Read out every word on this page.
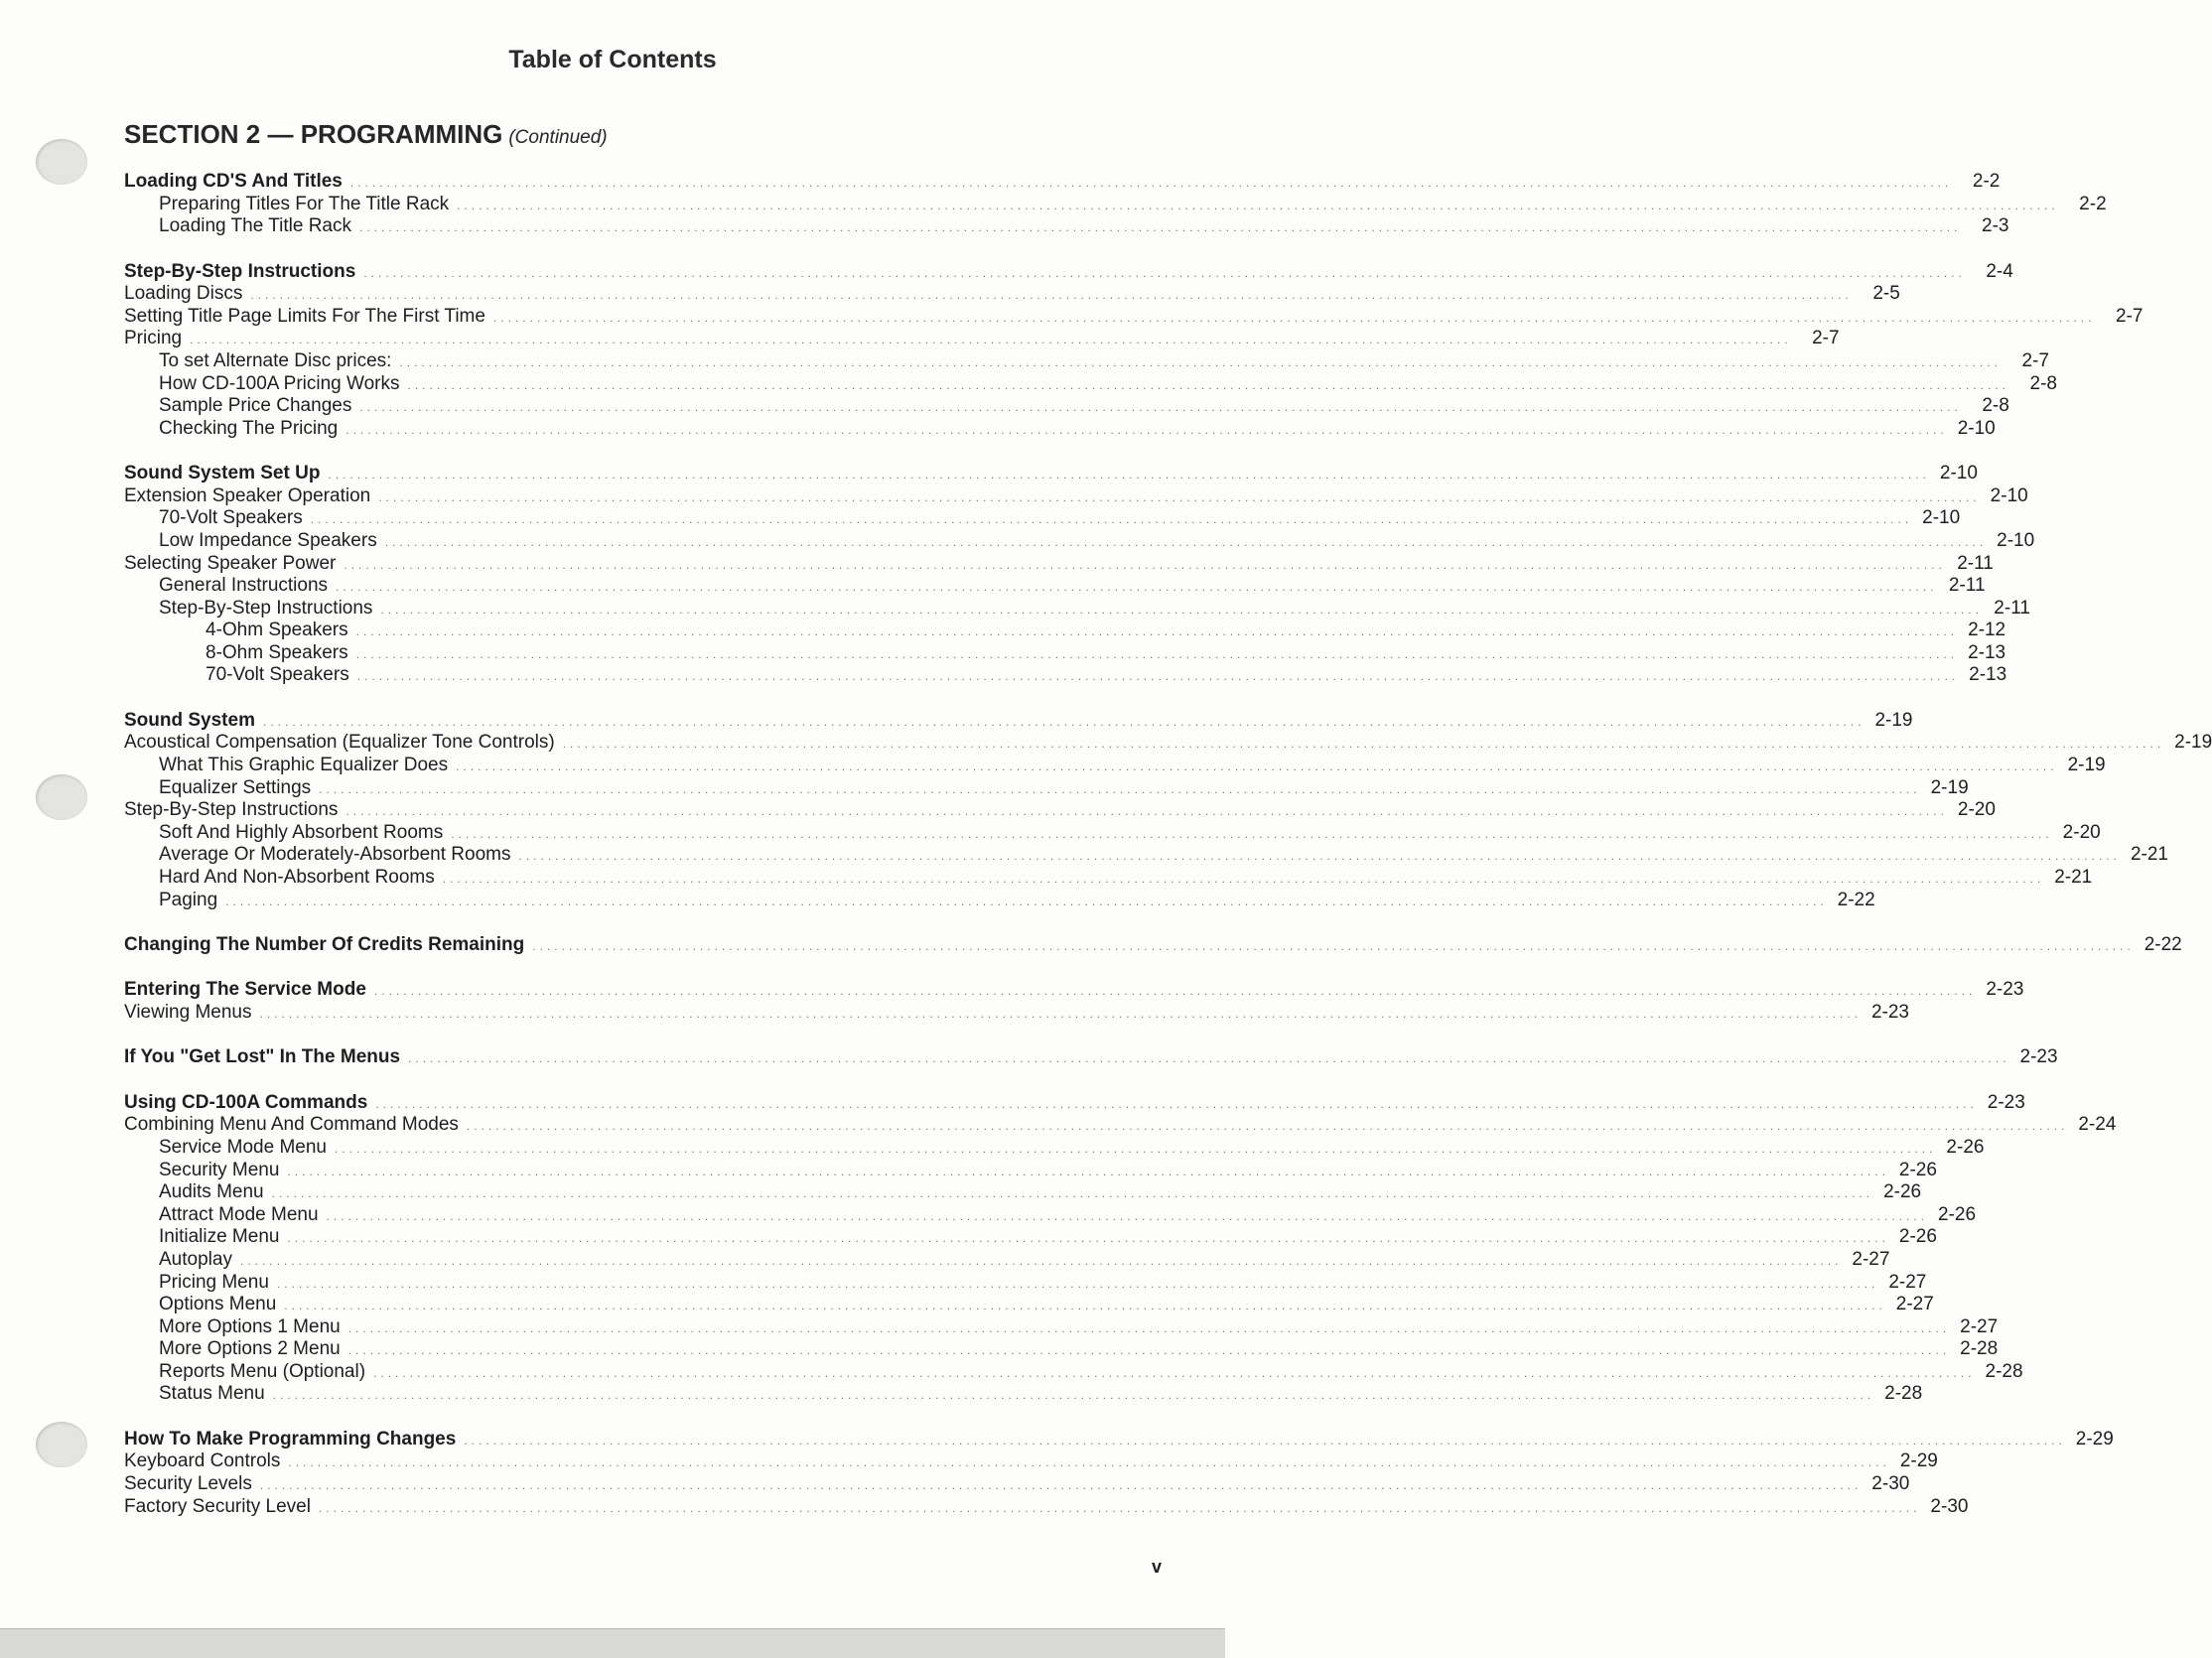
Table of Contents
SECTION 2 — PROGRAMMING (Continued)
Loading CD'S And Titles ............................................................................................................................................................................................................................	2-2
Preparing Titles For The Title Rack ............................................................................................................................................................................................................................	2-2
Loading The Title Rack ............................................................................................................................................................................................................................	2-3
Step-By-Step Instructions ............................................................................................................................................................................................................................	2-4
Loading Discs ............................................................................................................................................................................................................................	2-5
Setting Title Page Limits For The First Time ............................................................................................................................................................................................................................	2-7
Pricing ............................................................................................................................................................................................................................	2-7
To set Alternate Disc prices: ............................................................................................................................................................................................................................	2-7
How CD-100A Pricing Works ............................................................................................................................................................................................................................	2-8
Sample Price Changes ............................................................................................................................................................................................................................	2-8
Checking The Pricing ............................................................................................................................................................................................................................ 2-10
Sound System Set Up ............................................................................................................................................................................................................................ 2-10
Extension Speaker Operation ............................................................................................................................................................................................................................ 2-10
70-Volt Speakers ............................................................................................................................................................................................................................ 2-10
Low Impedance Speakers ............................................................................................................................................................................................................................ 2-10
Selecting Speaker Power ............................................................................................................................................................................................................................ 2-11
General Instructions ............................................................................................................................................................................................................................ 2-11
Step-By-Step Instructions ............................................................................................................................................................................................................................ 2-11
4-Ohm Speakers ............................................................................................................................................................................................................................ 2-12
8-Ohm Speakers ............................................................................................................................................................................................................................ 2-13
70-Volt Speakers ............................................................................................................................................................................................................................ 2-13
Sound System ............................................................................................................................................................................................................................ 2-19
Acoustical Compensation (Equalizer Tone Controls) ............................................................................................................................................................................................................................ 2-19
What This Graphic Equalizer Does ............................................................................................................................................................................................................................ 2-19
Equalizer Settings ............................................................................................................................................................................................................................ 2-19
Step-By-Step Instructions ............................................................................................................................................................................................................................ 2-20
Soft And Highly Absorbent Rooms ............................................................................................................................................................................................................................ 2-20
Average Or Moderately-Absorbent Rooms ............................................................................................................................................................................................................................ 2-21
Hard And Non-Absorbent Rooms ............................................................................................................................................................................................................................ 2-21
Paging ............................................................................................................................................................................................................................ 2-22
Changing The Number Of Credits Remaining ............................................................................................................................................................................................................................ 2-22
Entering The Service Mode ............................................................................................................................................................................................................................ 2-23
Viewing Menus ............................................................................................................................................................................................................................ 2-23
If You "Get Lost" In The Menus ............................................................................................................................................................................................................................ 2-23
Using CD-100A Commands ............................................................................................................................................................................................................................ 2-23
Combining Menu And Command Modes ............................................................................................................................................................................................................................ 2-24
Service Mode Menu ............................................................................................................................................................................................................................ 2-26
Security Menu ............................................................................................................................................................................................................................ 2-26
Audits Menu ............................................................................................................................................................................................................................ 2-26
Attract Mode Menu ............................................................................................................................................................................................................................ 2-26
Initialize Menu ............................................................................................................................................................................................................................ 2-26
Autoplay ............................................................................................................................................................................................................................ 2-27
Pricing Menu ............................................................................................................................................................................................................................ 2-27
Options Menu ............................................................................................................................................................................................................................ 2-27
More Options 1 Menu ............................................................................................................................................................................................................................ 2-27
More Options 2 Menu ............................................................................................................................................................................................................................ 2-28
Reports Menu (Optional) ............................................................................................................................................................................................................................ 2-28
Status Menu ............................................................................................................................................................................................................................ 2-28
How To Make Programming Changes ............................................................................................................................................................................................................................ 2-29
Keyboard Controls ............................................................................................................................................................................................................................ 2-29
Security Levels ............................................................................................................................................................................................................................ 2-30
Factory Security Level ............................................................................................................................................................................................................................ 2-30
v
